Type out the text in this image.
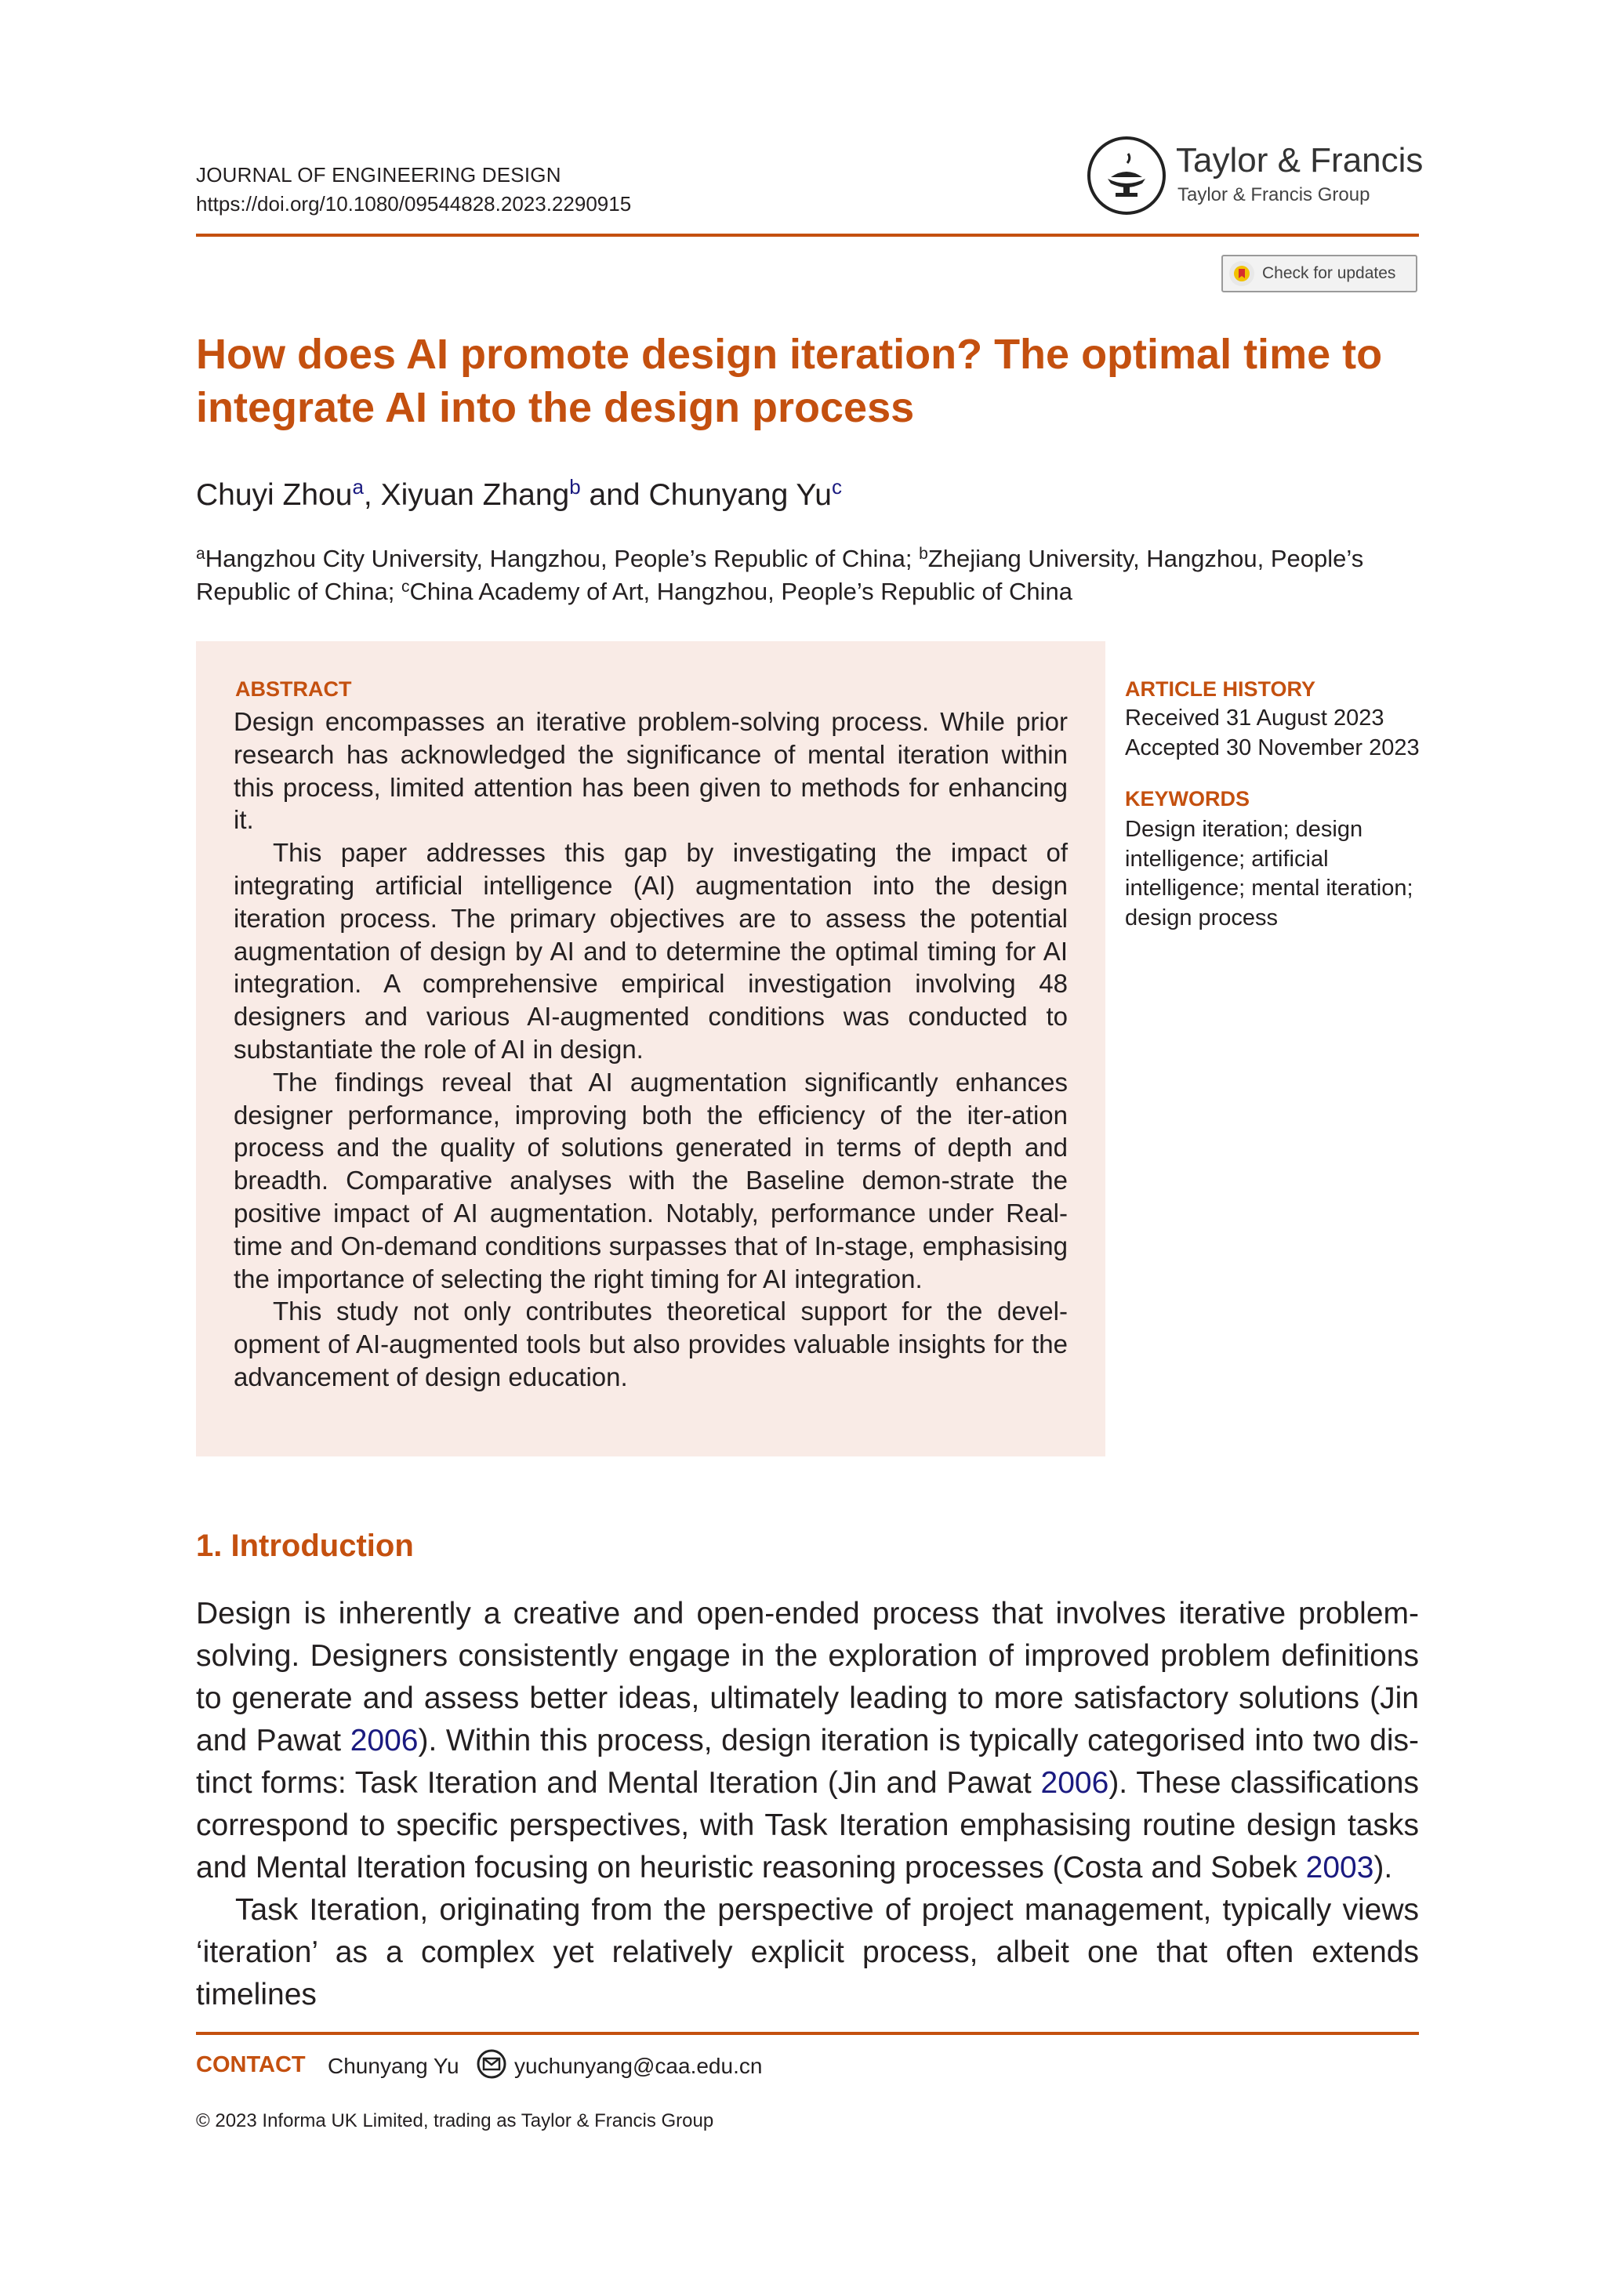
JOURNAL OF ENGINEERING DESIGN
https://doi.org/10.1080/09544828.2023.2290915
Taylor & Francis
Taylor & Francis Group
Check for updates
How does AI promote design iteration? The optimal time to
integrate AI into the design process
Chuyi Zhou$^a$, Xiyuan Zhang$^b$ and Chunyang Yu$^c$
$^a$Hangzhou City University, Hangzhou, People’s Republic of China; $^b$Zhejiang University, Hangzhou, People’s Republic of China; $^c$China Academy of Art, Hangzhou, People’s Republic of China
ABSTRACT

Design encompasses an iterative problem-solving process. While prior research has acknowledged the significance of mental iteration within this process, limited attention has been given to methods for enhancing it.

This paper addresses this gap by investigating the impact of integrating artificial intelligence (AI) augmentation into the design iteration process. The primary objectives are to assess the potential augmentation of design by AI and to determine the optimal timing for AI integration. A comprehensive empirical investigation involving 48 designers and various AI-augmented conditions was conducted to substantiate the role of AI in design.

The findings reveal that AI augmentation significantly enhances designer performance, improving both the efficiency of the iter-ation process and the quality of solutions generated in terms of depth and breadth. Comparative analyses with the Baseline demon-strate the positive impact of AI augmentation. Notably, performance under Real-time and On-demand conditions surpasses that of In-stage, emphasising the importance of selecting the right timing for AI integration.

This study not only contributes theoretical support for the devel-opment of AI-augmented tools but also provides valuable insights for the advancement of design education.

ARTICLE HISTORY
Received 31 August 2023
Accepted 30 November 2023
KEYWORDS
Design iteration; design intelligence; artificial intelligence; mental iteration; design process
1. Introduction

Design is inherently a creative and open-ended process that involves iterative problem-solving. Designers consistently engage in the exploration of improved problem definitions to generate and assess better ideas, ultimately leading to more satisfactory solutions (Jin and Pawat 2006). Within this process, design iteration is typically categorised into two dis-tinct forms: Task Iteration and Mental Iteration (Jin and Pawat 2006). These classifications correspond to specific perspectives, with Task Iteration emphasising routine design tasks and Mental Iteration focusing on heuristic reasoning processes (Costa and Sobek 2003).

Task Iteration, originating from the perspective of project management, typically views ‘iteration’ as a complex yet relatively explicit process, albeit one that often extends timelines

CONTACT Chunyang Yu	yuchunyang@caa.edu.cn
© 2023 Informa UK Limited, trading as Taylor & Francis Group
